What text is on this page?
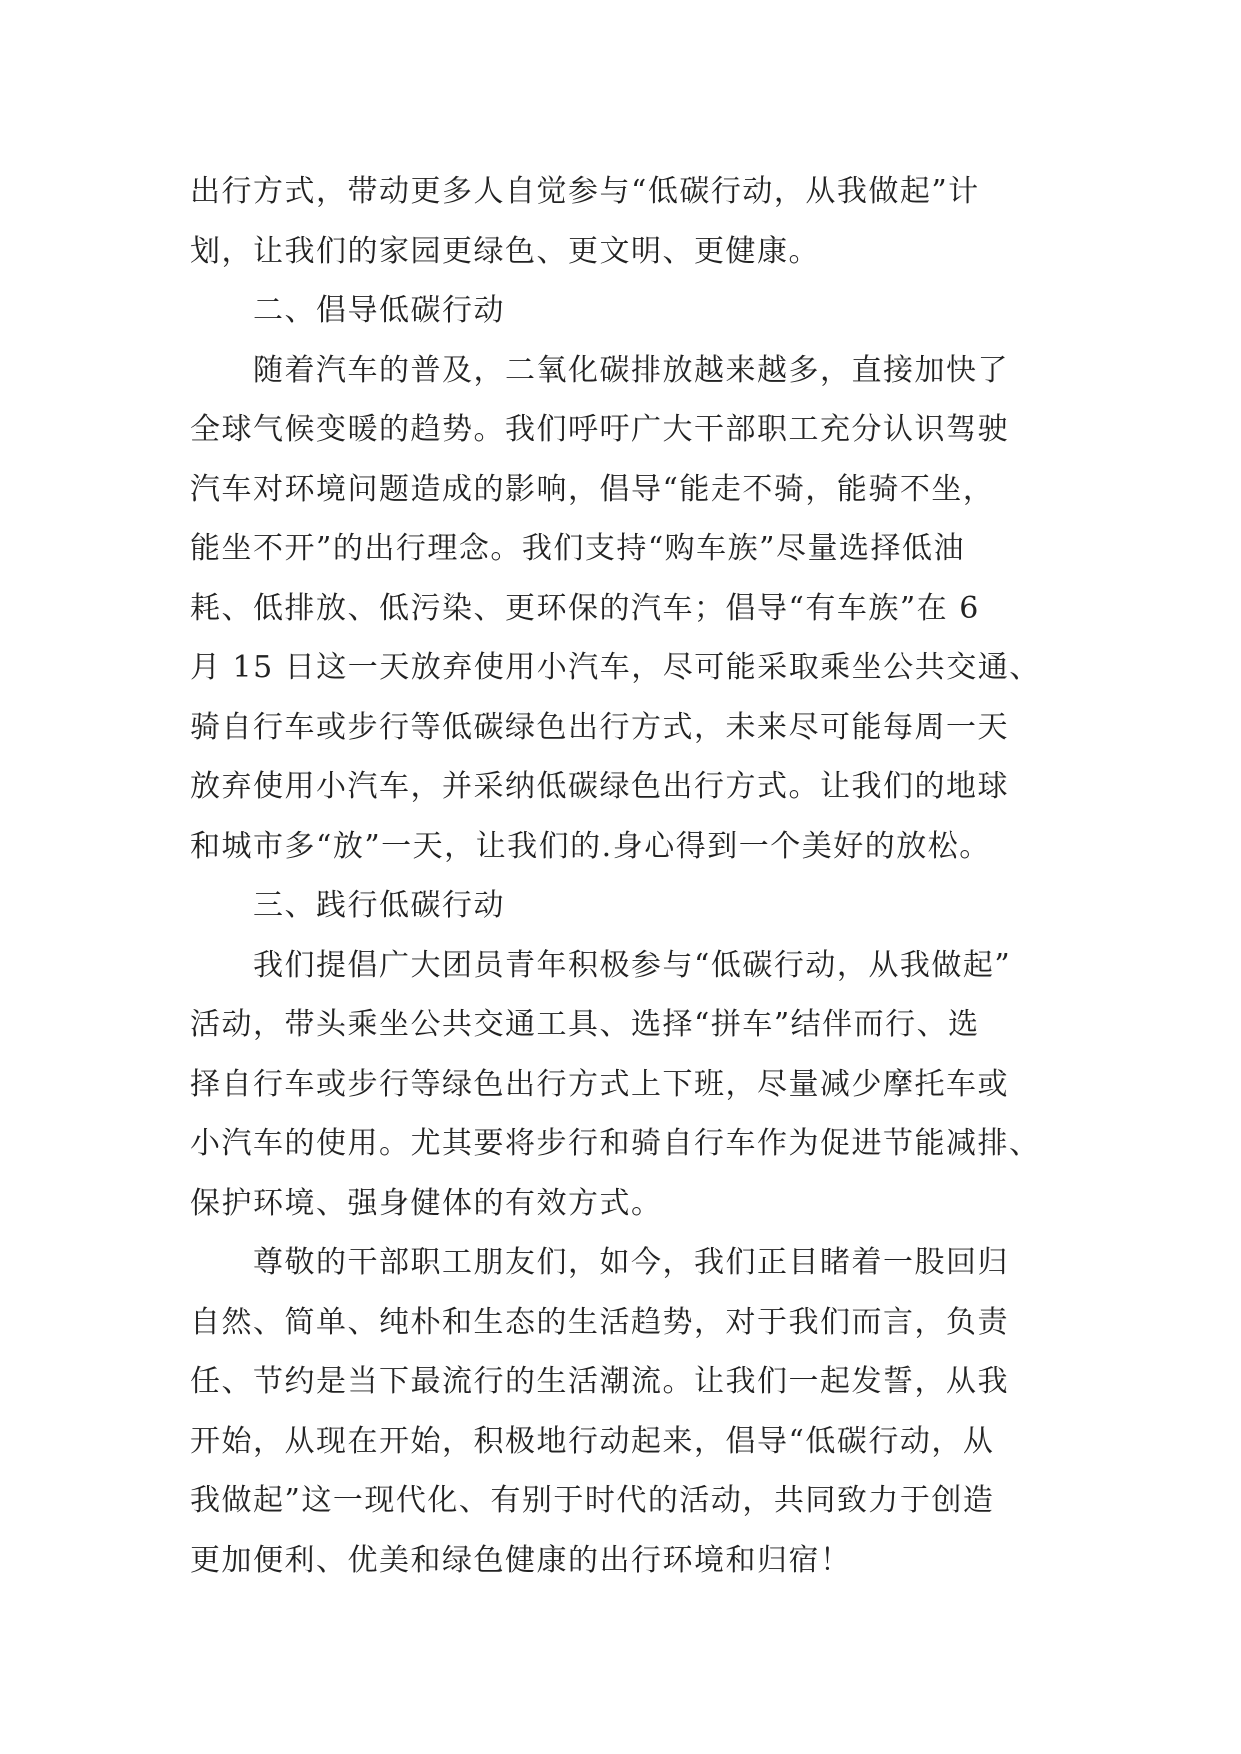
出行方式，带动更多人自觉参与“低碳行动，从我做起”计
划，让我们的家园更绿色、更文明、更健康。
二、倡导低碳行动
随着汽车的普及，二氧化碳排放越来越多，直接加快了
全球气候变暖的趋势。我们呼吁广大干部职工充分认识驾驶
汽车对环境问题造成的影响，倡导“能走不骑，能骑不坐，
能坐不开”的出行理念。我们支持“购车族”尽量选择低油
耗、低排放、低污染、更环保的汽车；倡导“有车族”在 6
月 15 日这一天放弃使用小汽车，尽可能采取乘坐公共交通、
骑自行车或步行等低碳绿色出行方式，未来尽可能每周一天
放弃使用小汽车，并采纳低碳绿色出行方式。让我们的地球
和城市多“放”一天，让我们的.身心得到一个美好的放松。
三、践行低碳行动
我们提倡广大团员青年积极参与“低碳行动，从我做起”
活动，带头乘坐公共交通工具、选择“拼车”结伴而行、选
择自行车或步行等绿色出行方式上下班，尽量减少摩托车或
小汽车的使用。尤其要将步行和骑自行车作为促进节能减排、
保护环境、强身健体的有效方式。
尊敬的干部职工朋友们，如今，我们正目睹着一股回归
自然、简单、纯朴和生态的生活趋势，对于我们而言，负责
任、节约是当下最流行的生活潮流。让我们一起发誓，从我
开始，从现在开始，积极地行动起来，倡导“低碳行动，从
我做起”这一现代化、有别于时代的活动，共同致力于创造
更加便利、优美和绿色健康的出行环境和归宿！
